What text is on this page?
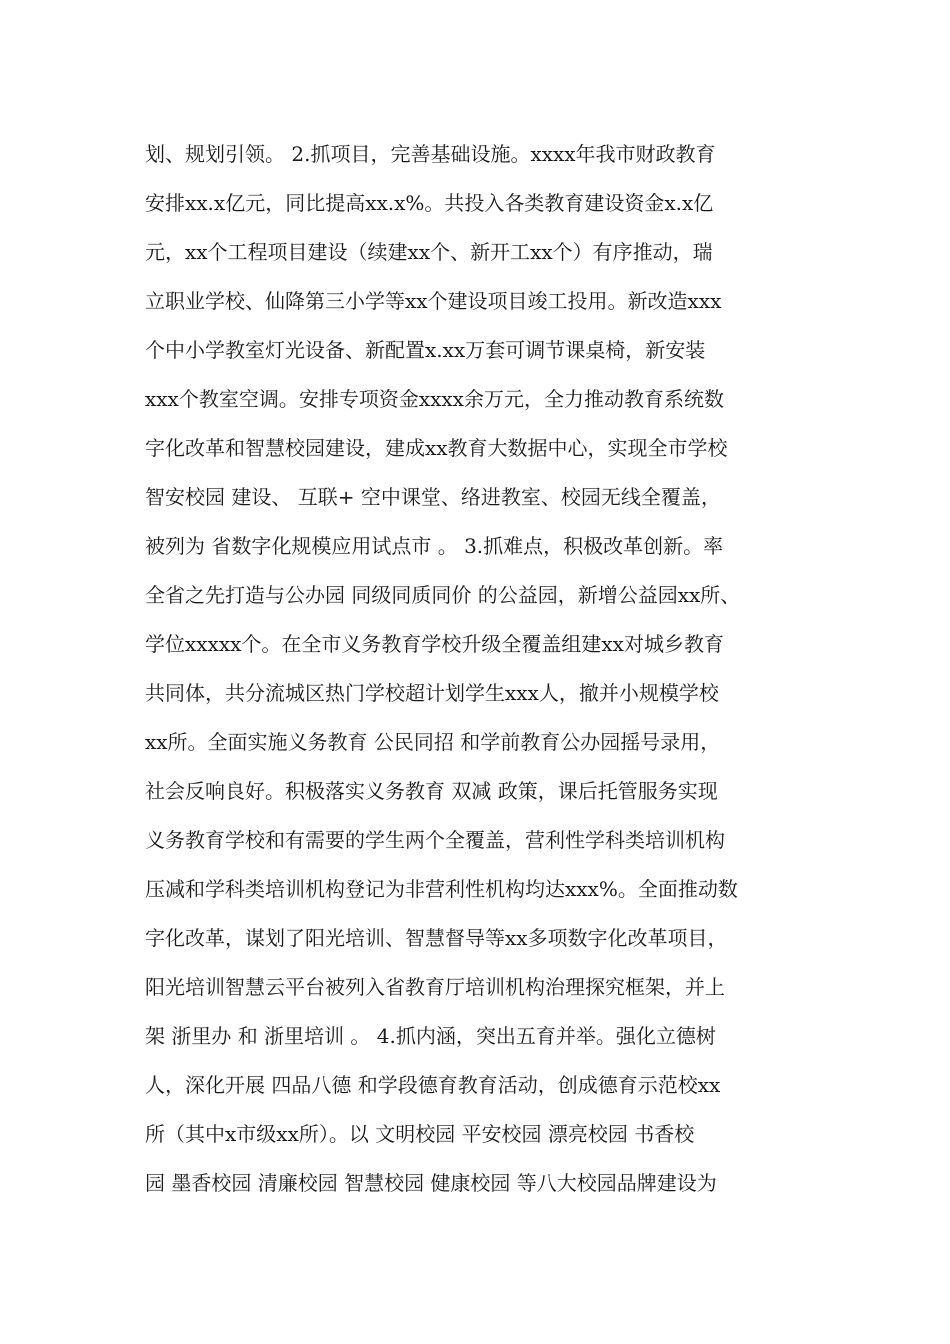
划、规划引领。 2.抓项目，完善基础设施。xxxx年我市财政教育
安排xx.x亿元，同比提高xx.x%。共投入各类教育建设资金x.x亿
元，xx个工程项目建设（续建xx个、新开工xx个）有序推动，瑞
立职业学校、仙降第三小学等xx个建设项目竣工投用。新改造xxx
个中小学教室灯光设备、新配置x.xx万套可调节课桌椅，新安装
xxx个教室空调。安排专项资金xxxx余万元，全力推动教育系统数
字化改革和智慧校园建设，建成xx教育大数据中心，实现全市学校
智安校园 建设、 互联+ 空中课堂、络进教室、校园无线全覆盖，
被列为 省数字化规模应用试点市 。 3.抓难点，积极改革创新。率
全省之先打造与公办园 同级同质同价 的公益园，新增公益园xx所、
学位xxxxx个。在全市义务教育学校升级全覆盖组建xx对城乡教育
共同体，共分流城区热门学校超计划学生xxx人，撤并小规模学校
xx所。全面实施义务教育 公民同招 和学前教育公办园摇号录用，
社会反响良好。积极落实义务教育 双减 政策，课后托管服务实现
义务教育学校和有需要的学生两个全覆盖，营利性学科类培训机构
压减和学科类培训机构登记为非营利性机构均达xxx%。全面推动数
字化改革，谋划了阳光培训、智慧督导等xx多项数字化改革项目，
阳光培训智慧云平台被列入省教育厅培训机构治理探究框架，并上
架 浙里办 和 浙里培训 。 4.抓内涵，突出五育并举。强化立德树
人，深化开展 四品八德 和学段德育教育活动，创成德育示范校xx
所（其中x市级xx所）。以 文明校园 平安校园 漂亮校园 书香校
园 墨香校园 清廉校园 智慧校园 健康校园 等八大校园品牌建设为
